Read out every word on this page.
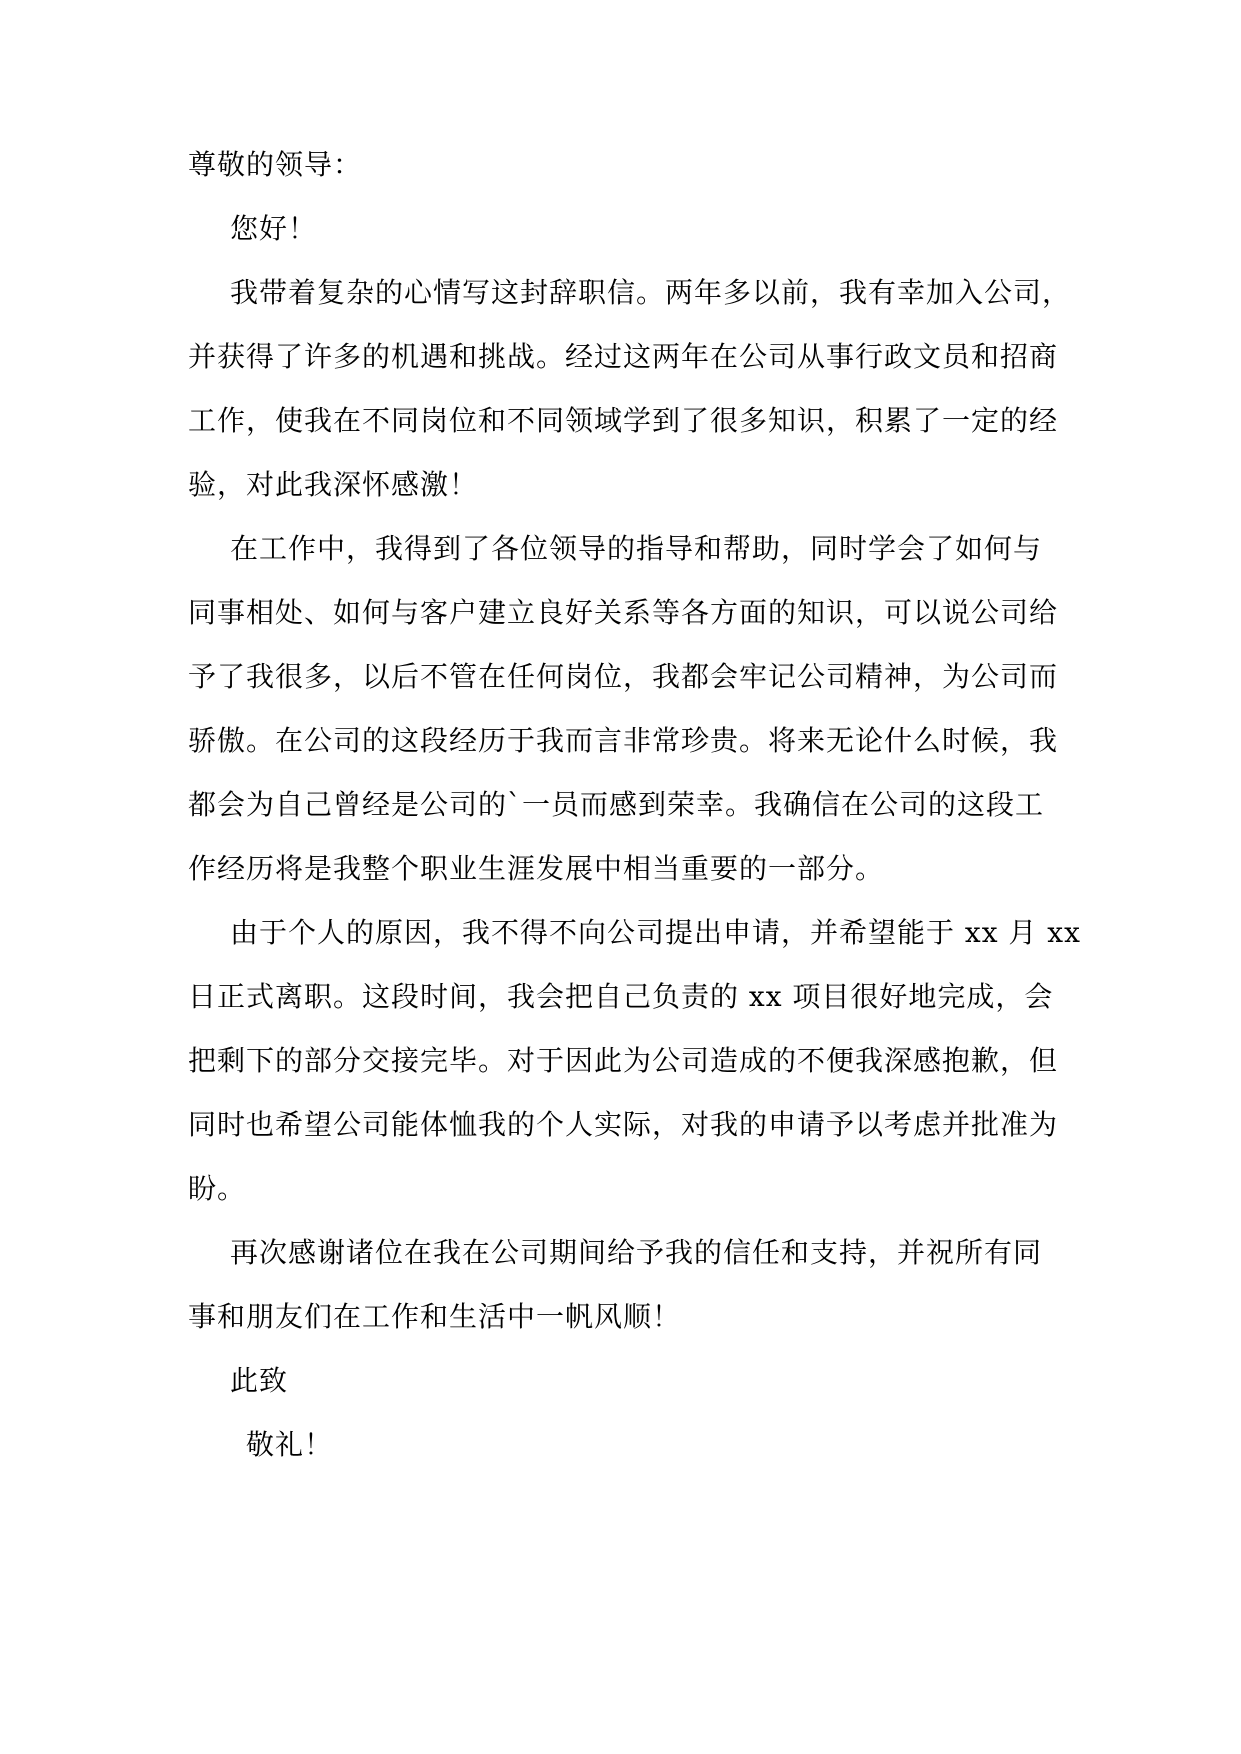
尊敬的领导：
您好！
我带着复杂的心情写这封辞职信。两年多以前，我有幸加入公司，
并获得了许多的机遇和挑战。经过这两年在公司从事行政文员和招商
工作，使我在不同岗位和不同领域学到了很多知识，积累了一定的经
验，对此我深怀感激！
在工作中，我得到了各位领导的指导和帮助，同时学会了如何与
同事相处、如何与客户建立良好关系等各方面的知识，可以说公司给
予了我很多，以后不管在任何岗位，我都会牢记公司精神，为公司而
骄傲。在公司的这段经历于我而言非常珍贵。将来无论什么时候，我
都会为自己曾经是公司的`一员而感到荣幸。我确信在公司的这段工
作经历将是我整个职业生涯发展中相当重要的一部分。
由于个人的原因，我不得不向公司提出申请，并希望能于 xx 月 xx
日正式离职。这段时间，我会把自己负责的 xx 项目很好地完成，会
把剩下的部分交接完毕。对于因此为公司造成的不便我深感抱歉，但
同时也希望公司能体恤我的个人实际，对我的申请予以考虑并批准为
盼。
再次感谢诸位在我在公司期间给予我的信任和支持，并祝所有同
事和朋友们在工作和生活中一帆风顺！
此致
敬礼！
